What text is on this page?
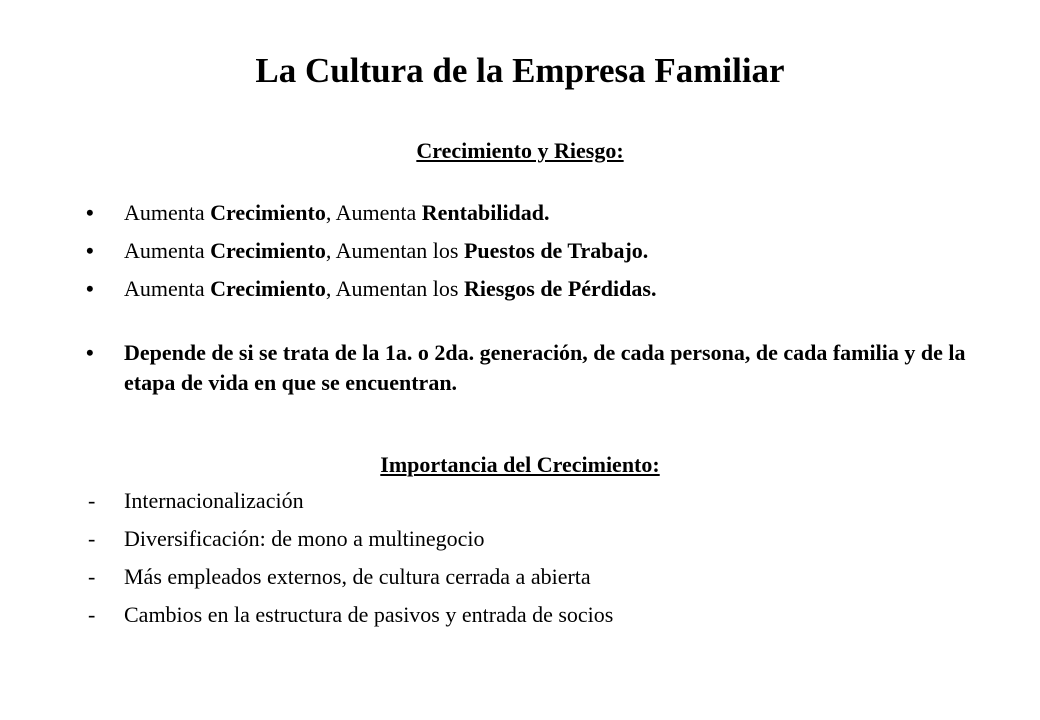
La Cultura de la Empresa Familiar
Crecimiento y Riesgo:
•	Aumenta Crecimiento, Aumenta Rentabilidad.
•	Aumenta Crecimiento, Aumentan los Puestos de Trabajo.
•	Aumenta Crecimiento, Aumentan los Riesgos de Pérdidas.
•	Depende de si se trata de la 1a. o 2da. generación, de cada persona, de cada familia y de la etapa de vida en que se encuentran.
Importancia del Crecimiento:
- Internacionalización
- Diversificación: de mono a multinegocio
- Más empleados externos, de cultura cerrada a abierta
- Cambios en la estructura de pasivos y entrada de socios
